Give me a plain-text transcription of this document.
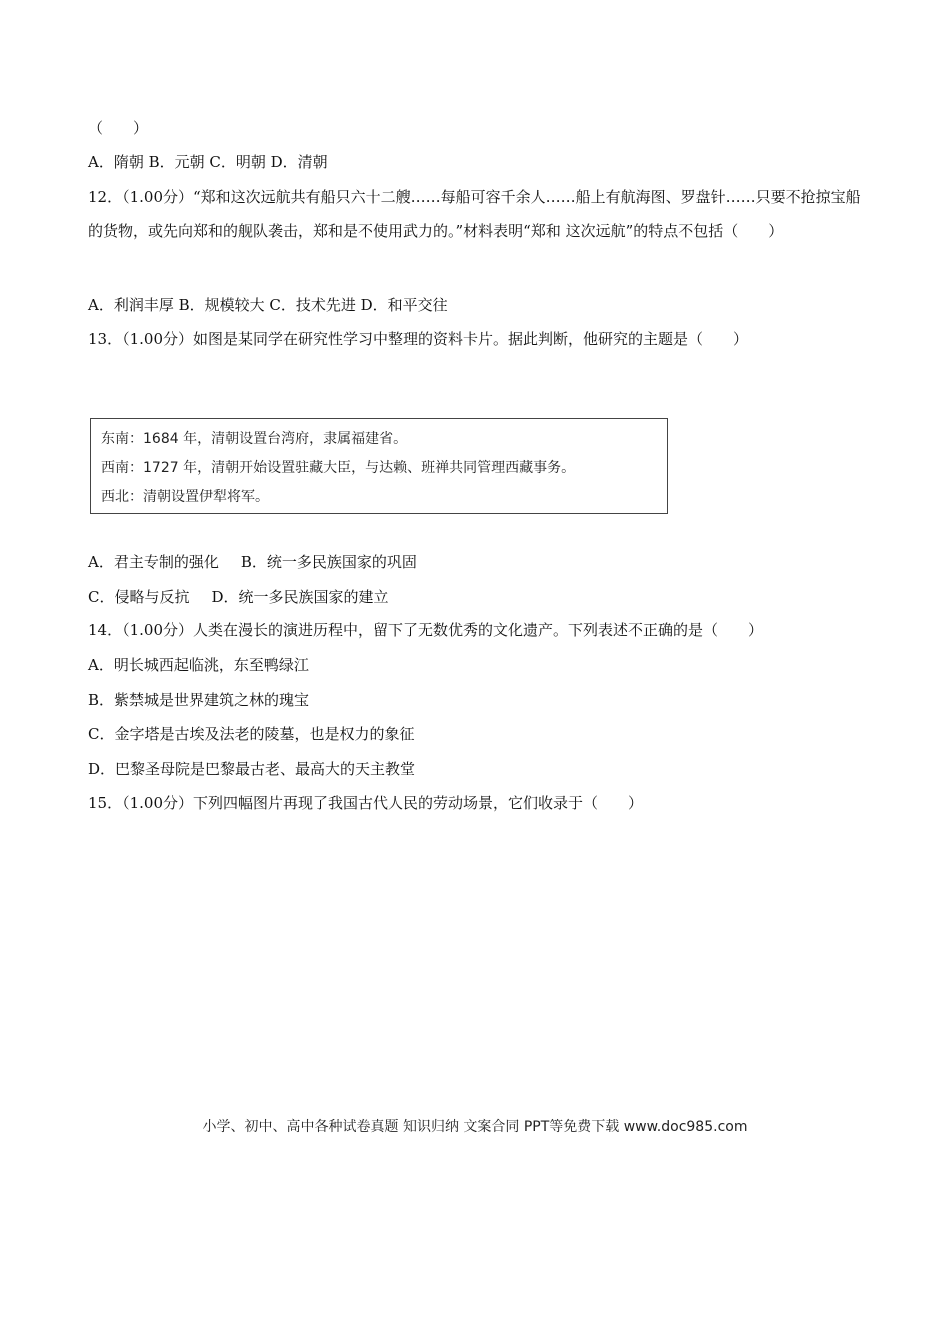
（　　）
A．隋朝 B．元朝 C．明朝 D．清朝
12．（1.00分）“郑和这次远航共有船只六十二艘……每船可容千余人……船上有航海图、罗盘针……只要不抢掠宝船的货物，或先向郑和的舰队袭击，郑和是不使用武力的。”材料表明“郑和 这次远航”的特点不包括（　　）
A．利润丰厚 B．规模较大 C．技术先进 D．和平交往
13．（1.00分）如图是某同学在研究性学习中整理的资料卡片。据此判断，他研究的主题是（　　）
东南：1684 年，清朝设置台湾府，隶属福建省。
西南：1727 年，清朝开始设置驻藏大臣，与达赖、班禅共同管理西藏事务。
西北：清朝设置伊犁将军。
A．君主专制的强化 B．统一多民族国家的巩固
C．侵略与反抗 D．统一多民族国家的建立
14．（1.00分）人类在漫长的演进历程中，留下了无数优秀的文化遗产。下列表述不正确的是（　　）
A．明长城西起临洮，东至鸭绿江
B．紫禁城是世界建筑之林的瑰宝
C．金字塔是古埃及法老的陵墓，也是权力的象征
D．巴黎圣母院是巴黎最古老、最高大的天主教堂
15．（1.00分）下列四幅图片再现了我国古代人民的劳动场景，它们收录于（　　）
小学、初中、高中各种试卷真题 知识归纳 文案合同 PPT等免费下载 www.doc985.com
